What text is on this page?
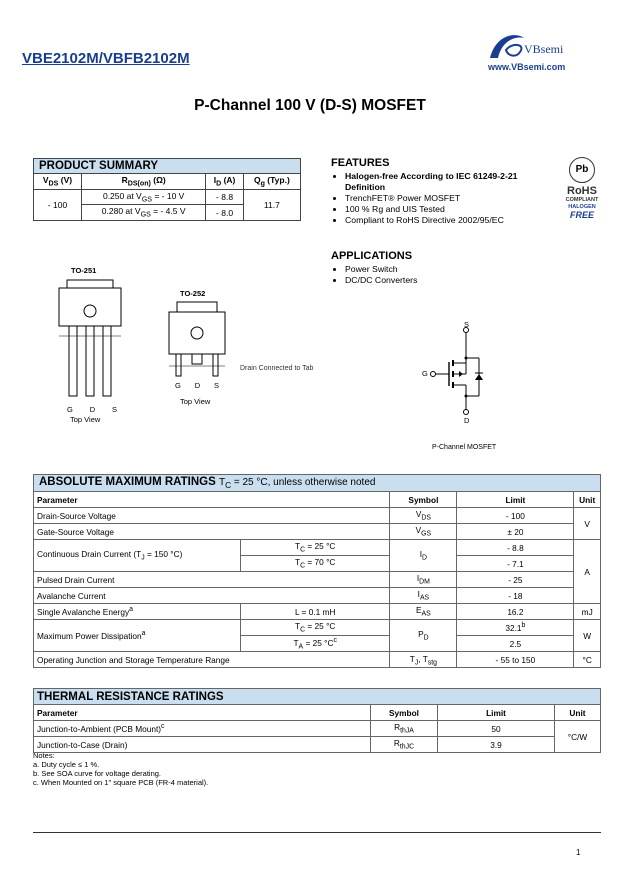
VBE2102M/VBFB2102M
VBsemi
www.VBsemi.com
P-Channel 100 V (D-S) MOSFET
PRODUCT SUMMARY			
$V_{DS}$ (V)	$R_{DS(on)}$ (Ω)	$I_D$ (A)	$Q_g$ (Typ.)
- 100	0.250 at $V_{GS}$ = - 10 V	- 8.8	11.7
	0.280 at $V_{GS}$ = - 4.5 V	- 8.0	
FEATURES
• Halogen-free According to IEC 61249-2-21 Definition
• TrenchFET® Power MOSFET
• 100 % Rg and UIS Tested
• Compliant to RoHS Directive 2002/95/EC
Pb
RoHS
COMPLIANT
HALOGEN
FREE
APPLICATIONS
• Power Switch
• DC/DC Converters
TO-251
G D S
Top View
TO-252
G D S
Top View
Drain Connected to Tab
S
G
D
P-Channel MOSFET
ABSOLUTE MAXIMUM RATINGS $T_C = 25$ °C, unless otherwise noted				
Parameter		Symbol	Limit	Unit
Drain-Source Voltage		$V_{DS}$	- 100	V
Gate-Source Voltage		$V_{GS}$	± 20	
Continuous Drain Current ($T_J = 150$ °C)	$T_C = 25$ °C	$I_D$	- 8.8	A
	$T_C = 70$ °C		- 7.1	
Pulsed Drain Current		$I_{DM}$	- 25	
Avalanche Current		$I_{AS}$	- 18	
Single Avalanche Energy$^a$	L = 0.1 mH	$E_{AS}$	16.2	mJ
Maximum Power Dissipation$^a$	$T_C = 25$ °C	$P_D$	32.1$^b$	W
	$T_A = 25$ $^\circ C^c$		2.5	
Operating Junction and Storage Temperature Range		$T_J$, $T_{stg}$	- 55 to 150	°C
THERMAL RESISTANCE RATINGS			
Parameter	Symbol	Limit	Unit
Junction-to-Ambient (PCB Mount)$^c$	$R_{thJA}$	50	°C/W
Junction-to-Case (Drain)	$R_{thJC}$	3.9	
Notes:
a. Duty cycle ≤ 1 %.
b. See SOA curve for voltage derating.
c. When Mounted on 1" square PCB (FR-4 material).
1
